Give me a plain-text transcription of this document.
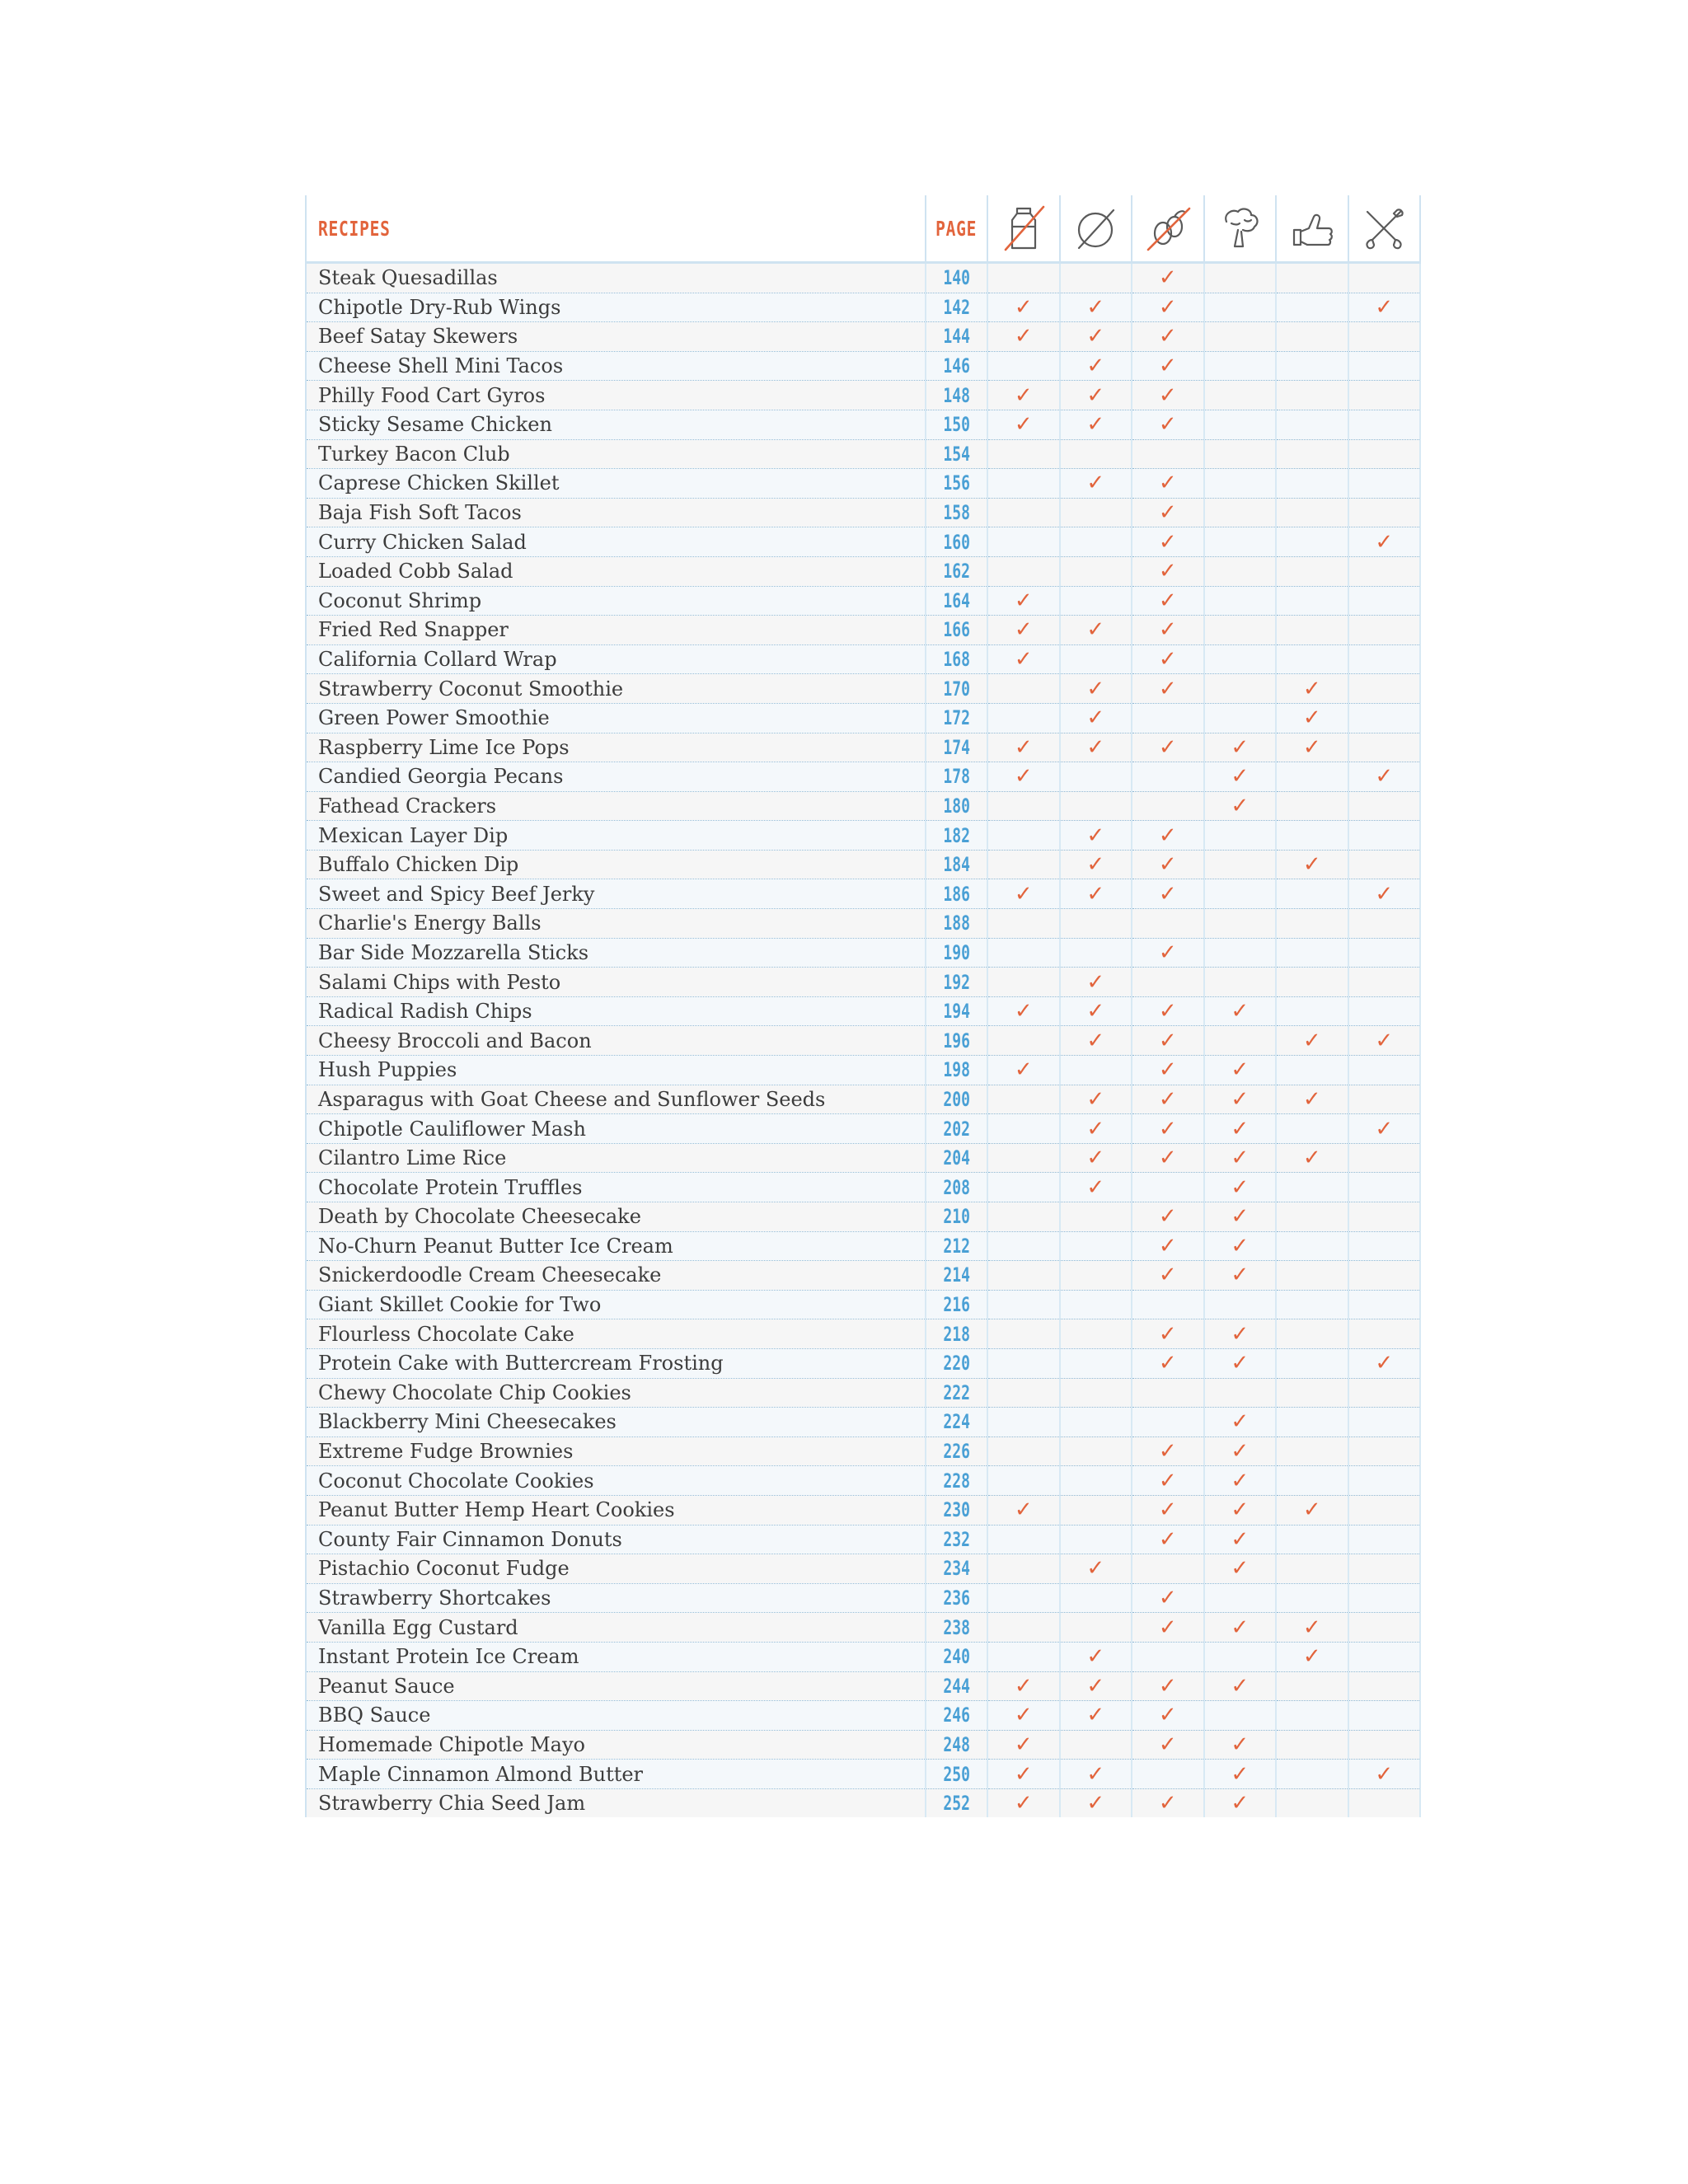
RECIPES	PAGE						
Steak Quesadillas	140			✓			
Chipotle Dry-Rub Wings	142	✓	✓	✓			✓
Beef Satay Skewers	144	✓	✓	✓			
Cheese Shell Mini Tacos	146		✓	✓			
Philly Food Cart Gyros	148	✓	✓	✓			
Sticky Sesame Chicken	150	✓	✓	✓			
Turkey Bacon Club	154						
Caprese Chicken Skillet	156		✓	✓			
Baja Fish Soft Tacos	158			✓			
Curry Chicken Salad	160			✓			✓
Loaded Cobb Salad	162			✓			
Coconut Shrimp	164	✓		✓			
Fried Red Snapper	166	✓	✓	✓			
California Collard Wrap	168	✓		✓			
Strawberry Coconut Smoothie	170		✓	✓		✓	
Green Power Smoothie	172		✓			✓	
Raspberry Lime Ice Pops	174	✓	✓	✓	✓	✓	
Candied Georgia Pecans	178	✓			✓		✓
Fathead Crackers	180				✓		
Mexican Layer Dip	182		✓	✓			
Buffalo Chicken Dip	184		✓	✓		✓	
Sweet and Spicy Beef Jerky	186	✓	✓	✓			✓
Charlie's Energy Balls	188						
Bar Side Mozzarella Sticks	190			✓			
Salami Chips with Pesto	192		✓				
Radical Radish Chips	194	✓	✓	✓	✓		
Cheesy Broccoli and Bacon	196		✓	✓		✓	✓
Hush Puppies	198	✓		✓	✓		
Asparagus with Goat Cheese and Sunflower Seeds	200		✓	✓	✓	✓	
Chipotle Cauliflower Mash	202		✓	✓	✓		✓
Cilantro Lime Rice	204		✓	✓	✓	✓	
Chocolate Protein Truffles	208		✓		✓		
Death by Chocolate Cheesecake	210			✓	✓		
No-Churn Peanut Butter Ice Cream	212			✓	✓		
Snickerdoodle Cream Cheesecake	214			✓	✓		
Giant Skillet Cookie for Two	216						
Flourless Chocolate Cake	218			✓	✓		
Protein Cake with Buttercream Frosting	220			✓	✓		✓
Chewy Chocolate Chip Cookies	222						
Blackberry Mini Cheesecakes	224				✓		
Extreme Fudge Brownies	226			✓	✓		
Coconut Chocolate Cookies	228			✓	✓		
Peanut Butter Hemp Heart Cookies	230	✓		✓	✓	✓	
County Fair Cinnamon Donuts	232			✓	✓		
Pistachio Coconut Fudge	234		✓		✓		
Strawberry Shortcakes	236			✓			
Vanilla Egg Custard	238			✓	✓	✓	
Instant Protein Ice Cream	240		✓			✓	
Peanut Sauce	244	✓	✓	✓	✓		
BBQ Sauce	246	✓	✓	✓			
Homemade Chipotle Mayo	248	✓		✓	✓		
Maple Cinnamon Almond Butter	250	✓	✓		✓		✓
Strawberry Chia Seed Jam	252	✓	✓	✓	✓		
